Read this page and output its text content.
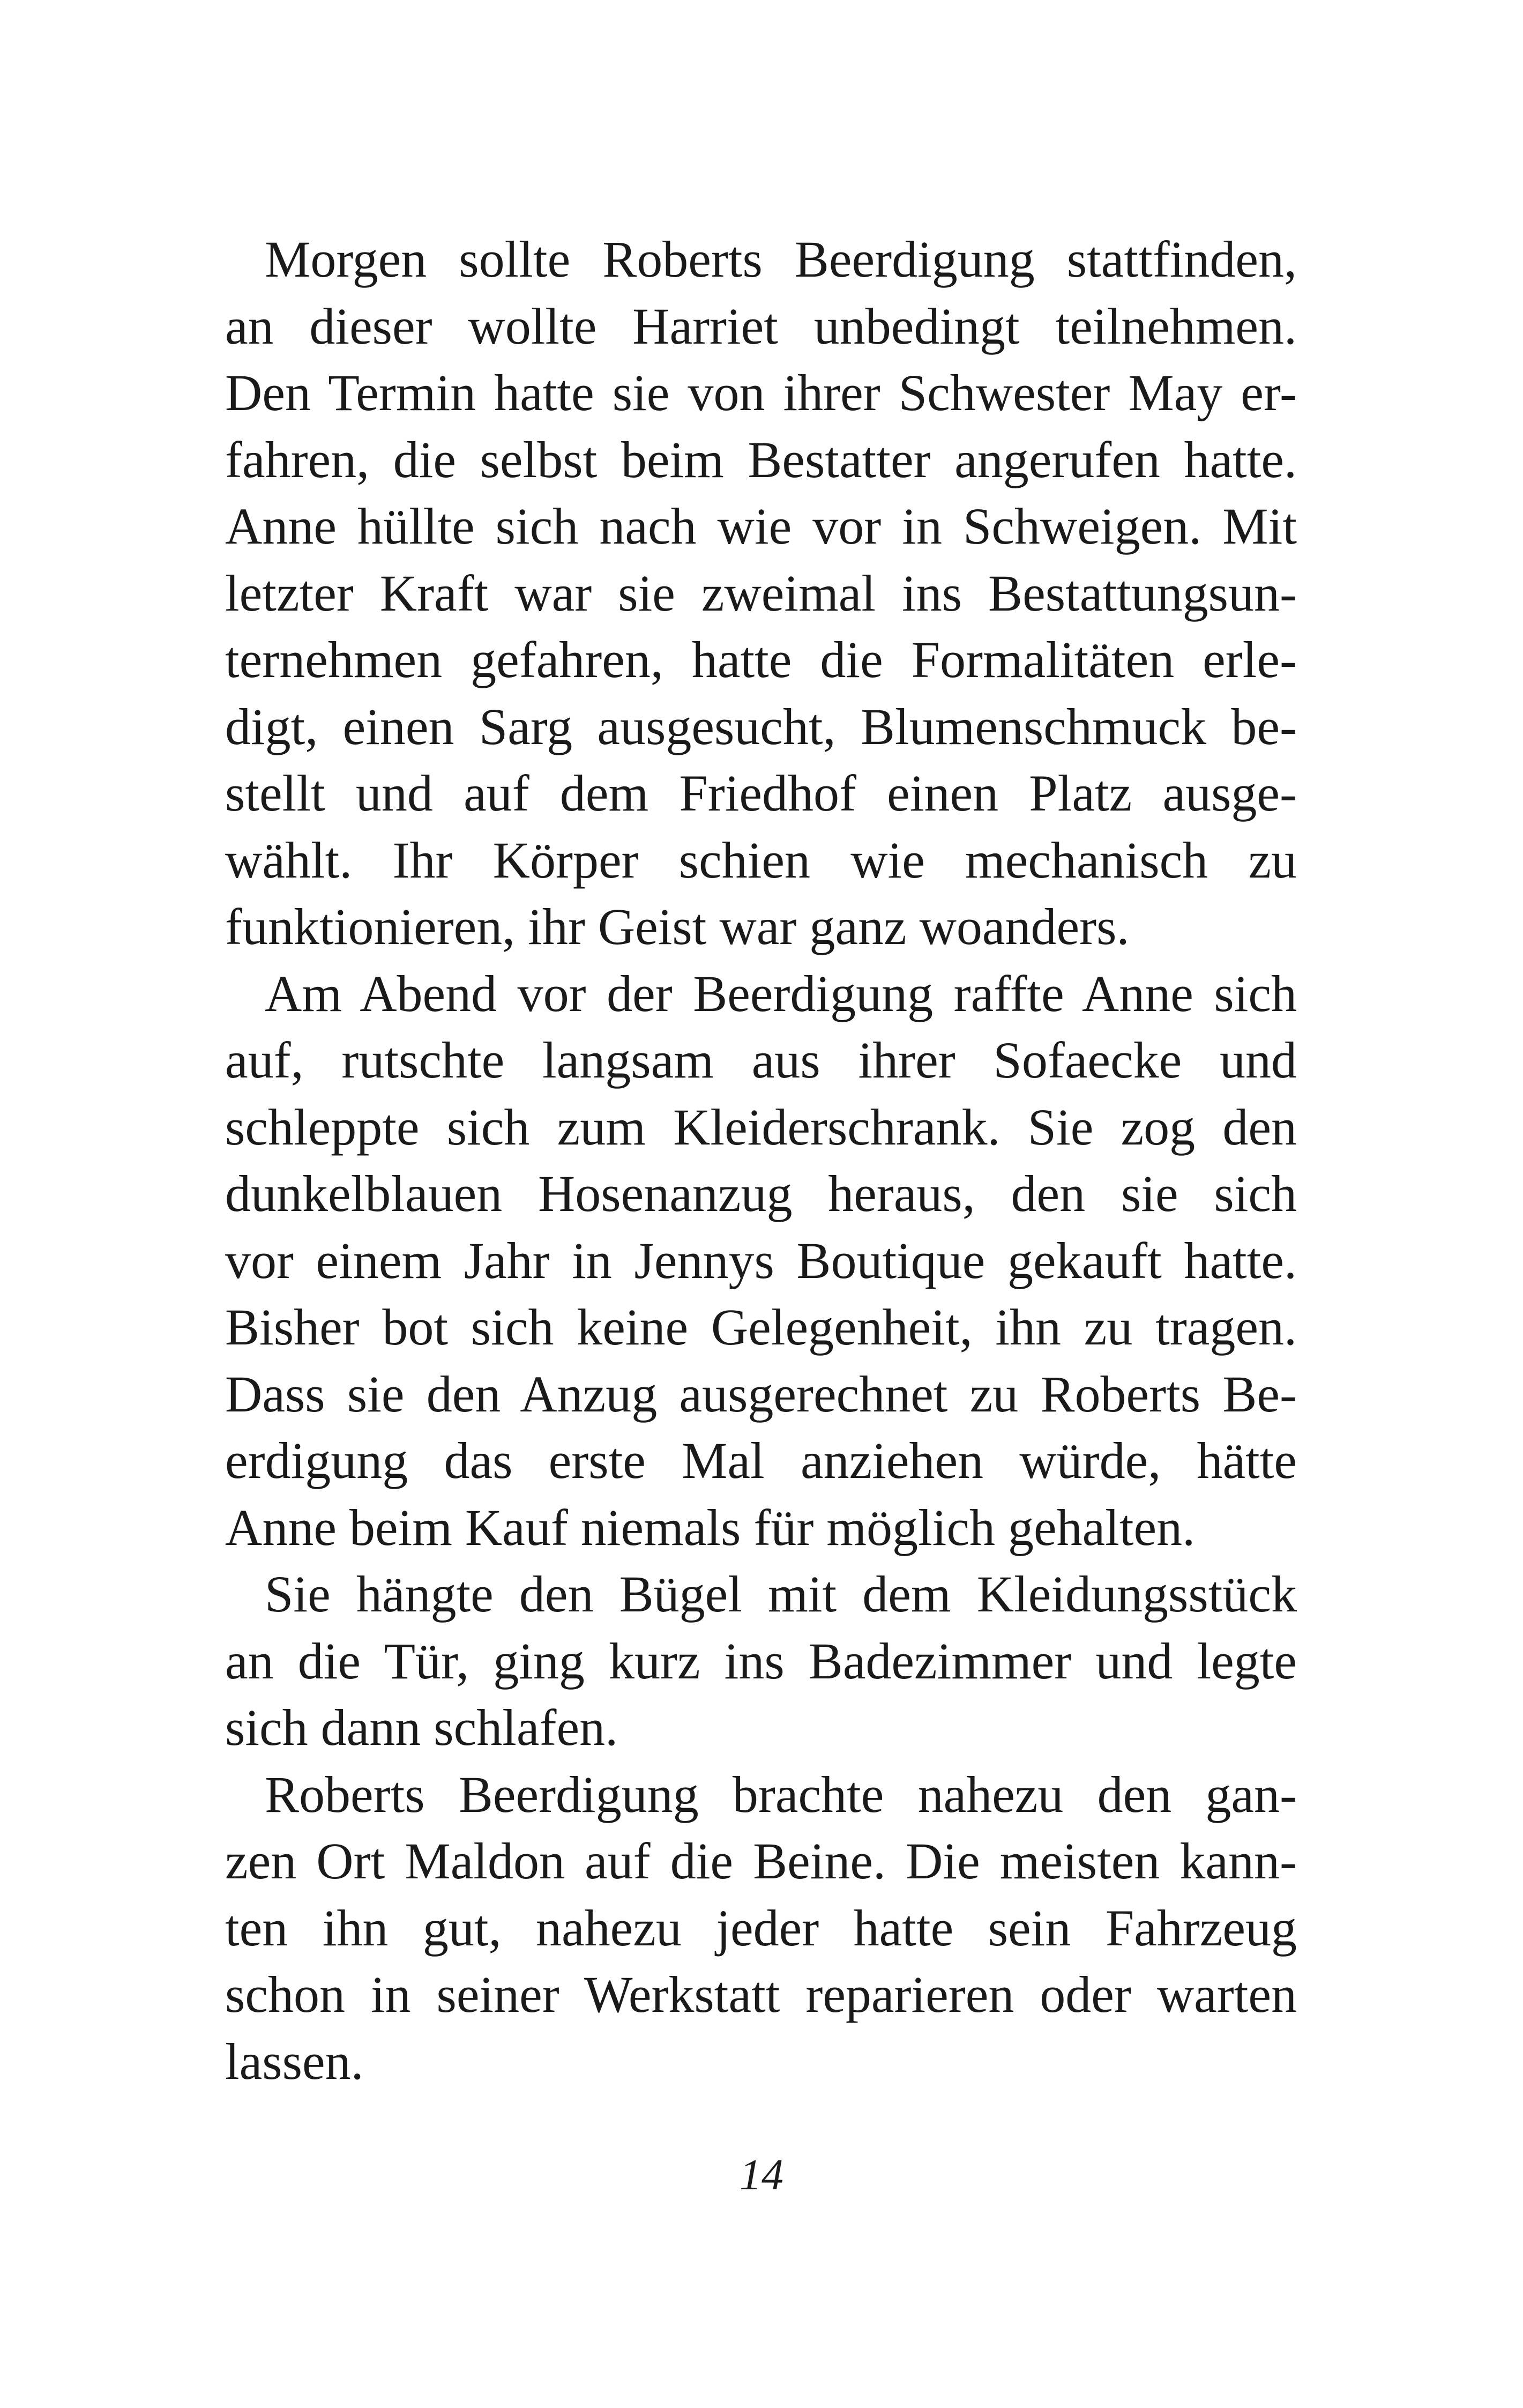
Morgen sollte Roberts Beerdigung stattfinden,
an dieser wollte Harriet unbedingt teilnehmen.
Den Termin hatte sie von ihrer Schwester May er-
fahren, die selbst beim Bestatter angerufen hatte.
Anne hüllte sich nach wie vor in Schweigen. Mit
letzter Kraft war sie zweimal ins Bestattungsun-
ternehmen gefahren, hatte die Formalitäten erle-
digt, einen Sarg ausgesucht, Blumenschmuck be-
stellt und auf dem Friedhof einen Platz ausge-
wählt. Ihr Körper schien wie mechanisch zu
funktionieren, ihr Geist war ganz woanders.
Am Abend vor der Beerdigung raffte Anne sich
auf, rutschte langsam aus ihrer Sofaecke und
schleppte sich zum Kleiderschrank. Sie zog den
dunkelblauen Hosenanzug heraus, den sie sich
vor einem Jahr in Jennys Boutique gekauft hatte.
Bisher bot sich keine Gelegenheit, ihn zu tragen.
Dass sie den Anzug ausgerechnet zu Roberts Be-
erdigung das erste Mal anziehen würde, hätte
Anne beim Kauf niemals für möglich gehalten.
Sie hängte den Bügel mit dem Kleidungsstück
an die Tür, ging kurz ins Badezimmer und legte
sich dann schlafen.
Roberts Beerdigung brachte nahezu den gan-
zen Ort Maldon auf die Beine. Die meisten kann-
ten ihn gut, nahezu jeder hatte sein Fahrzeug
schon in seiner Werkstatt reparieren oder warten
lassen.
14
